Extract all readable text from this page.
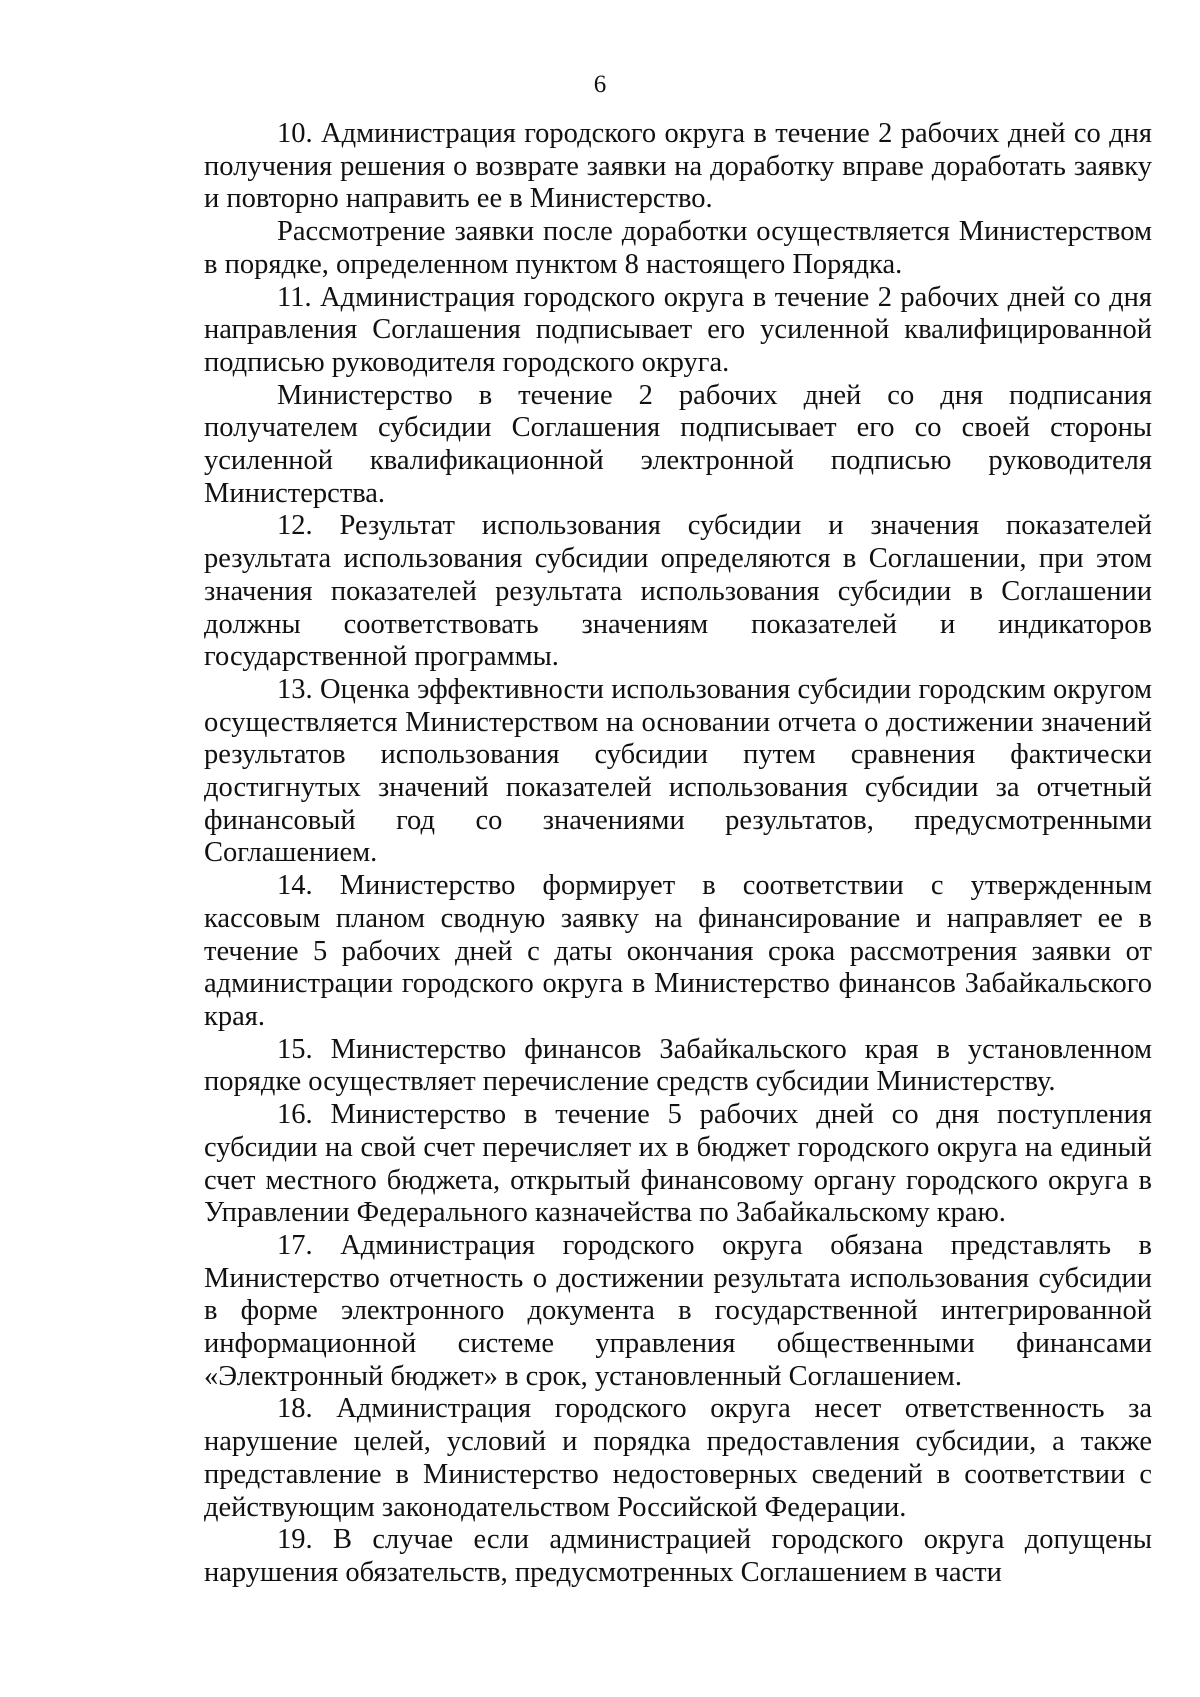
6

10. Администрация городского округа в течение 2 рабочих дней со дня получения решения о возврате заявки на доработку вправе доработать заявку и повторно направить ее в Министерство.

Рассмотрение заявки после доработки осуществляется Министерством в порядке, определенном пунктом 8 настоящего Порядка.

11. Администрация городского округа в течение 2 рабочих дней со дня направления Соглашения подписывает его усиленной квалифицированной подписью руководителя городского округа.

Министерство в течение 2 рабочих дней со дня подписания получателем субсидии Соглашения подписывает его со своей стороны усиленной квалификационной электронной подписью руководителя Министерства.

12. Результат использования субсидии и значения показателей результата использования субсидии определяются в Соглашении, при этом значения показателей результата использования субсидии в Соглашении должны соответствовать значениям показателей и индикаторов государственной программы.

13. Оценка эффективности использования субсидии городским округом осуществляется Министерством на основании отчета о достижении значений результатов использования субсидии путем сравнения фактически достигнутых значений показателей использования субсидии за отчетный финансовый год со значениями результатов, предусмотренными Соглашением.

14. Министерство формирует в соответствии с утвержденным кассовым планом сводную заявку на финансирование и направляет ее в течение 5 рабочих дней с даты окончания срока рассмотрения заявки от администрации городского округа в Министерство финансов Забайкальского края.

15. Министерство финансов Забайкальского края в установленном порядке осуществляет перечисление средств субсидии Министерству.

16. Министерство в течение 5 рабочих дней со дня поступления субсидии на свой счет перечисляет их в бюджет городского округа на единый счет местного бюджета, открытый финансовому органу городского округа в Управлении Федерального казначейства по Забайкальскому краю.

17. Администрация городского округа обязана представлять в Министерство отчетность о достижении результата использования субсидии в форме электронного документа в государственной интегрированной информационной системе управления общественными финансами «Электронный бюджет» в срок, установленный Соглашением.

18. Администрация городского округа несет ответственность за нарушение целей, условий и порядка предоставления субсидии, а также представление в Министерство недостоверных сведений в соответствии с действующим законодательством Российской Федерации.

19. В случае если администрацией городского округа допущены нарушения обязательств, предусмотренных Соглашением в части
